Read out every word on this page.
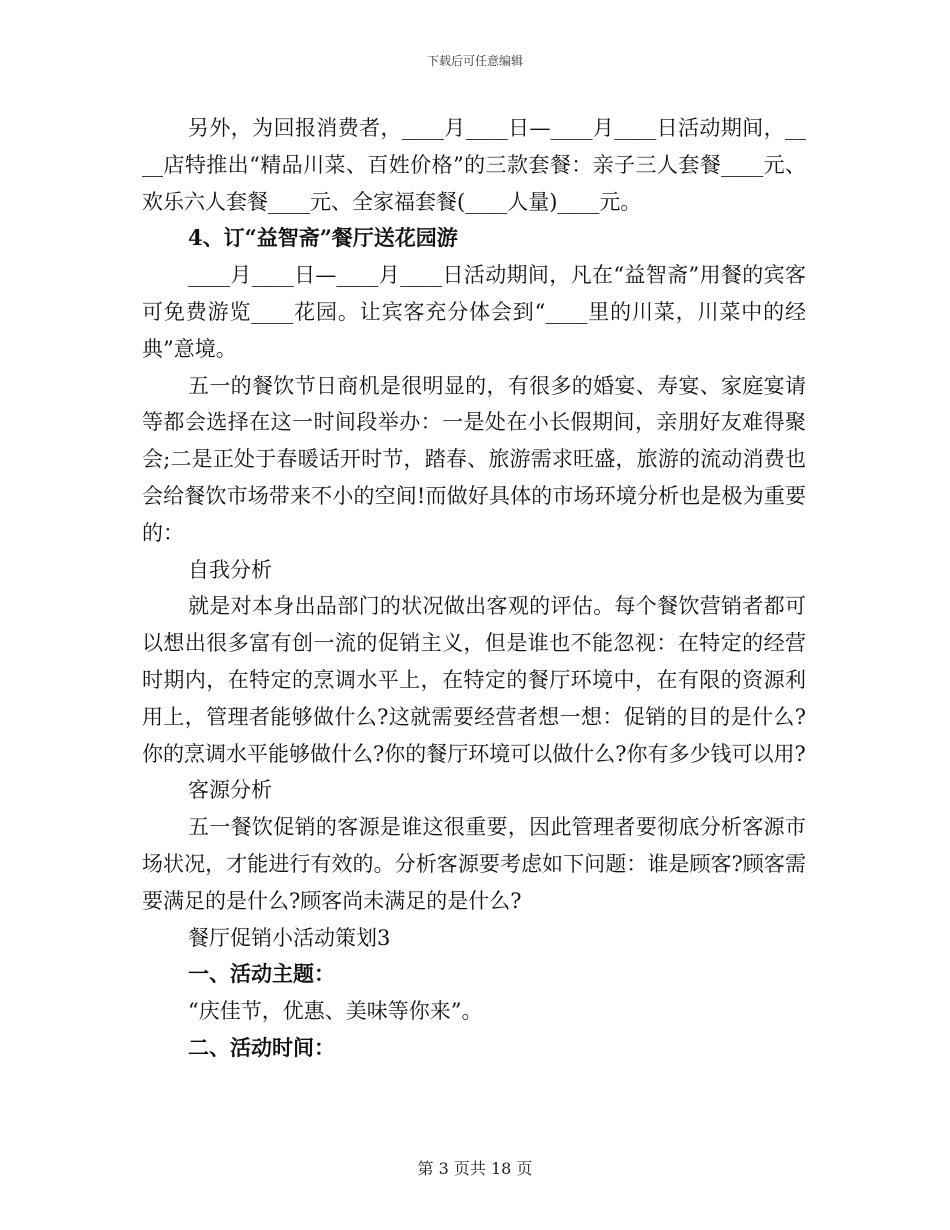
下载后可任意编辑

另外，为回报消费者，____月____日—____月____日活动期间，____店特推出“精品川菜、百姓价格”的三款套餐：亲子三人套餐____元、欢乐六人套餐____元、全家福套餐(____人量)____元。

4、订“益智斋”餐厅送花园游

____月____日—____月____日活动期间，凡在“益智斋”用餐的宾客可免费游览____花园。让宾客充分体会到“____里的川菜，川菜中的经典”意境。

五一的餐饮节日商机是很明显的，有很多的婚宴、寿宴、家庭宴请等都会选择在这一时间段举办：一是处在小长假期间，亲朋好友难得聚会;二是正处于春暖话开时节，踏春、旅游需求旺盛，旅游的流动消费也会给餐饮市场带来不小的空间!而做好具体的市场环境分析也是极为重要的：

自我分析

就是对本身出品部门的状况做出客观的评估。每个餐饮营销者都可以想出很多富有创一流的促销主义，但是谁也不能忽视：在特定的经营时期内，在特定的烹调水平上，在特定的餐厅环境中，在有限的资源利用上，管理者能够做什么?这就需要经营者想一想：促销的目的是什么?你的烹调水平能够做什么?你的餐厅环境可以做什么?你有多少钱可以用?

客源分析

五一餐饮促销的客源是谁这很重要，因此管理者要彻底分析客源市场状况，才能进行有效的。分析客源要考虑如下问题：谁是顾客?顾客需要满足的是什么?顾客尚未满足的是什么?

餐厅促销小活动策划3

一、活动主题：

“庆佳节，优惠、美味等你来”。

二、活动时间：

第 3 页共 18 页
